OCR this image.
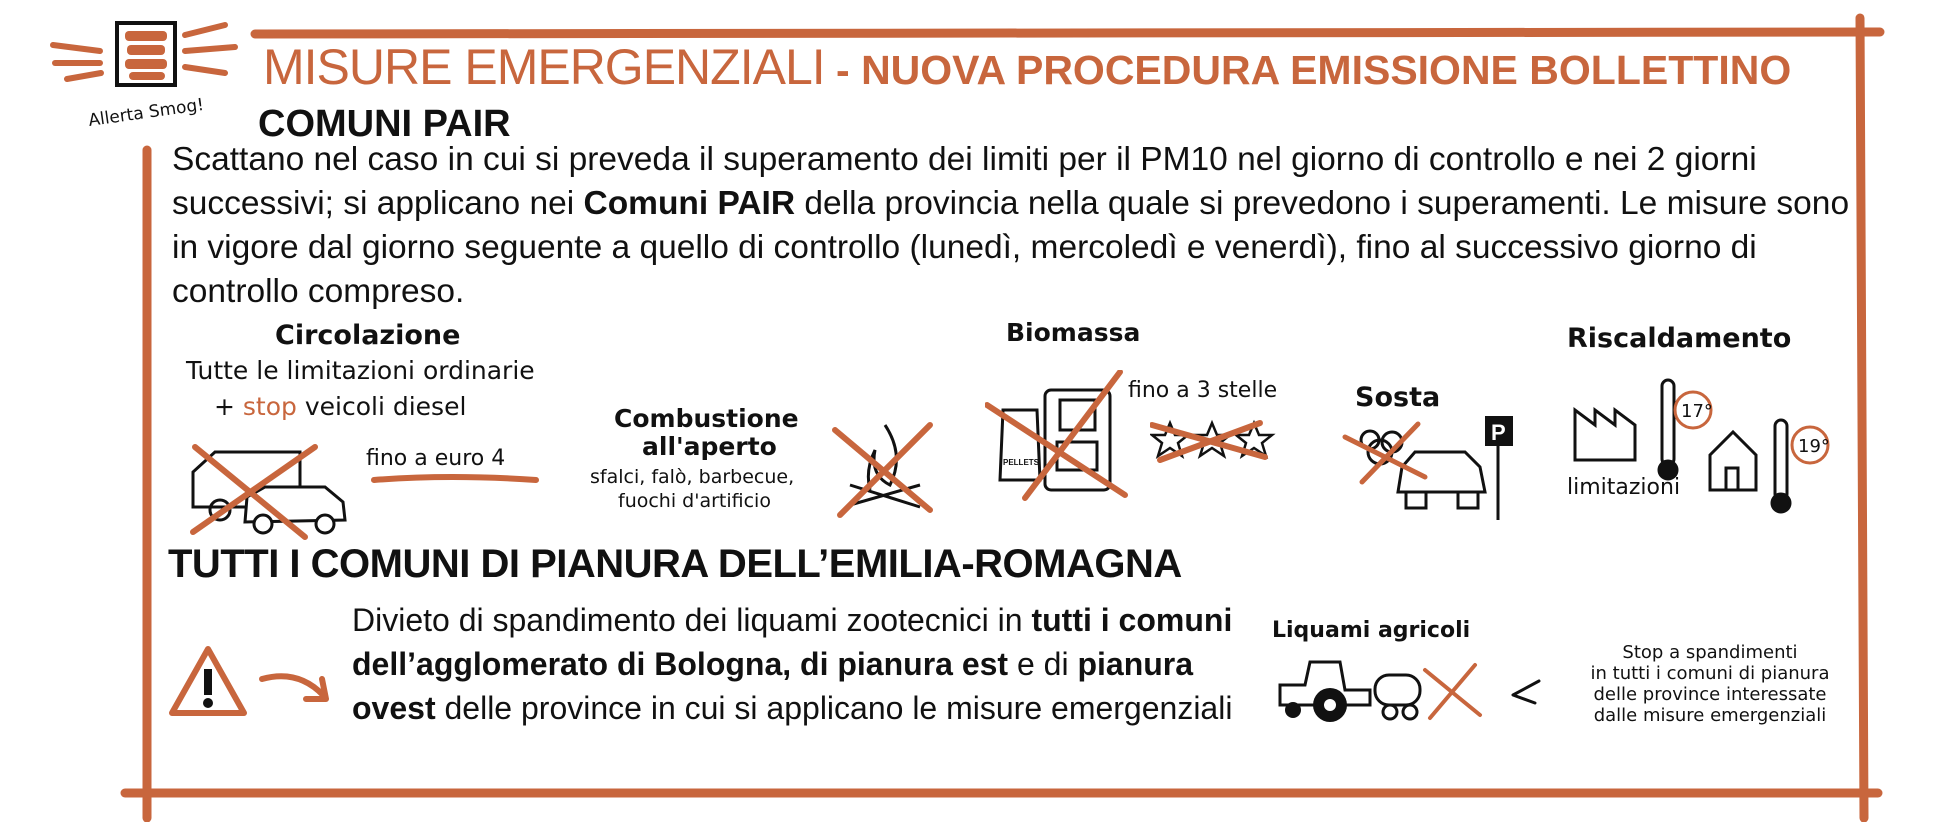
Allerta Smog!
MISURE EMERGENZIALI - NUOVA PROCEDURA EMISSIONE BOLLETTINO
COMUNI PAIR
Scattano nel caso in cui si preveda il superamento dei limiti per il PM10 nel giorno di controllo e nei 2 giorni successivi; si applicano nei Comuni PAIR della provincia nella quale si prevedono i superamenti. Le misure sono in vigore dal giorno seguente a quello di controllo (lunedì, mercoledì e venerdì), fino al successivo giorno di controllo compreso.
Circolazione
Tutte le limitazioni ordinarie
+ stop veicoli diesel
fino a euro 4
Combustione
all'aperto
sfalci, falò, barbecue,
fuochi d'artificio
Biomassa
PELLETS
fino a 3 stelle	Sosta
P
Riscaldamento
17°
19°
limitazioni
TUTTI I COMUNI DI PIANURA DELL’EMILIA-ROMAGNA
Divieto di spandimento dei liquami zootecnici in tutti i comuni dell’agglomerato di Bologna, di pianura est e di pianura ovest delle province in cui si applicano le misure emergenziali
Liquami agricoli
Stop a spandimenti
in tutti i comuni di pianura
delle province interessate
dalle misure emergenziali
